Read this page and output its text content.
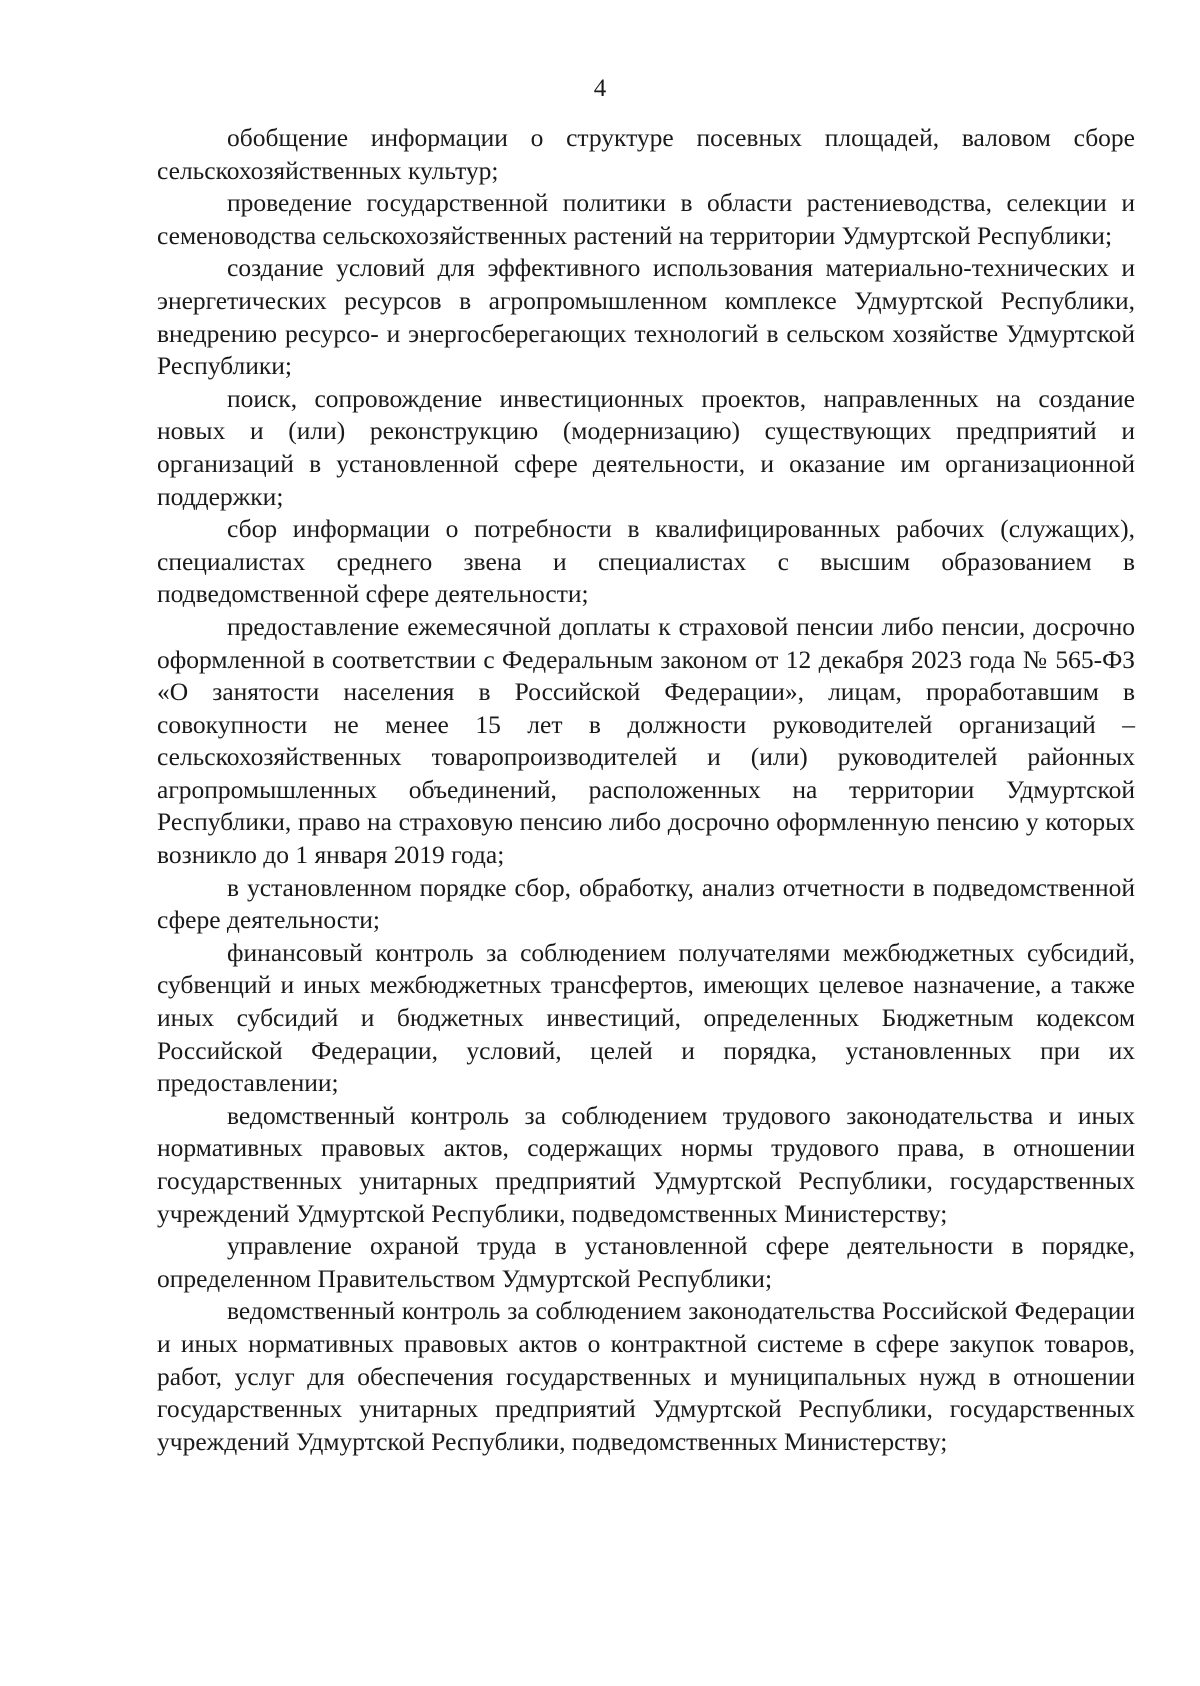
4

обобщение информации о структуре посевных площадей, валовом сборе сельскохозяйственных культур;

проведение государственной политики в области растениеводства, селекции и семеноводства сельскохозяйственных растений на территории Удмуртской Республики;

создание условий для эффективного использования материально-технических и энергетических ресурсов в агропромышленном комплексе Удмуртской Республики, внедрению ресурсо- и энергосберегающих технологий в сельском хозяйстве Удмуртской Республики;

поиск, сопровождение инвестиционных проектов, направленных на создание новых и (или) реконструкцию (модернизацию) существующих предприятий и организаций в установленной сфере деятельности, и оказание им организационной поддержки;

сбор информации о потребности в квалифицированных рабочих (служащих), специалистах среднего звена и специалистах с высшим образованием в подведомственной сфере деятельности;

предоставление ежемесячной доплаты к страховой пенсии либо пенсии, досрочно оформленной в соответствии с Федеральным законом от 12 декабря 2023 года № 565-ФЗ «О занятости населения в Российской Федерации», лицам, проработавшим в совокупности не менее 15 лет в должности руководителей организаций – сельскохозяйственных товаропроизводителей и (или) руководителей районных агропромышленных объединений, расположенных на территории Удмуртской Республики, право на страховую пенсию либо досрочно оформленную пенсию у которых возникло до 1 января 2019 года;

в установленном порядке сбор, обработку, анализ отчетности в подведомственной сфере деятельности;

финансовый контроль за соблюдением получателями межбюджетных субсидий, субвенций и иных межбюджетных трансфертов, имеющих целевое назначение, а также иных субсидий и бюджетных инвестиций, определенных Бюджетным кодексом Российской Федерации, условий, целей и порядка, установленных при их предоставлении;

ведомственный контроль за соблюдением трудового законодательства и иных нормативных правовых актов, содержащих нормы трудового права, в отношении государственных унитарных предприятий Удмуртской Республики, государственных учреждений Удмуртской Республики, подведомственных Министерству;

управление охраной труда в установленной сфере деятельности в порядке, определенном Правительством Удмуртской Республики;

ведомственный контроль за соблюдением законодательства Российской Федерации и иных нормативных правовых актов о контрактной системе в сфере закупок товаров, работ, услуг для обеспечения государственных и муниципальных нужд в отношении государственных унитарных предприятий Удмуртской Республики, государственных учреждений Удмуртской Республики, подведомственных Министерству;
